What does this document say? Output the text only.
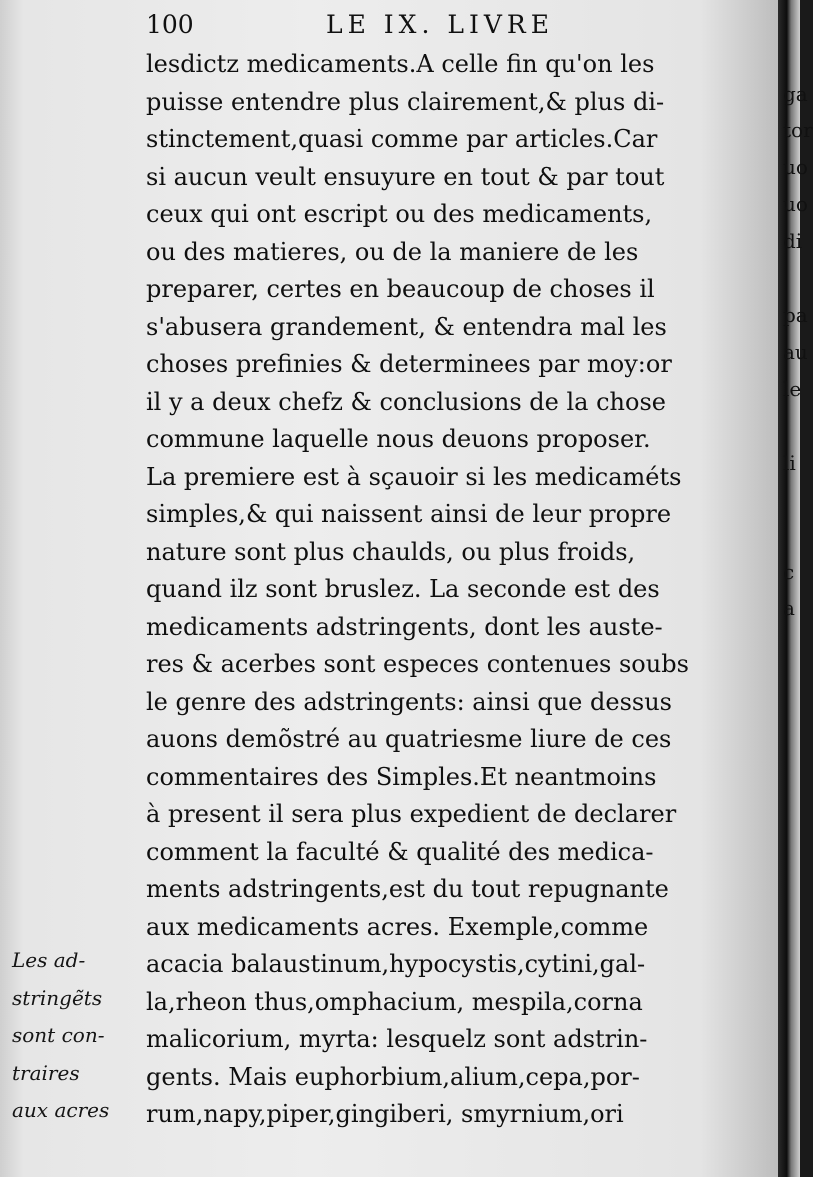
100	LE IX. LIVRE
lesdictz medicaments.A celle fin qu'on les
puisse entendre plus clairement,& plus di-
stinctement,quasi comme par articles.Car
si aucun veult ensuyure en tout & par tout
ceux qui ont escript ou des medicaments,
ou des matieres, ou de la maniere de les
preparer, certes en beaucoup de choses il
s'abusera grandement, & entendra mal les
choses prefinies & determinees par moy:or
il y a deux chefz & conclusions de la chose
commune laquelle nous deuons proposer.
La premiere est à sçauoir si les medicaméts
simples,& qui naissent ainsi de leur propre
nature sont plus chaulds, ou plus froids,
quand ilz sont bruslez. La seconde est des
medicaments adstringents, dont les auste-
res & acerbes sont especes contenues soubs
le genre des adstringents: ainsi que dessus
auons demõstré au quatriesme liure de ces
commentaires des Simples.Et neantmoins
à present il sera plus expedient de declarer
comment la faculté & qualité des medica-
ments adstringents,est du tout repugnante
aux medicaments acres. Exemple,comme
acacia balaustinum,hypocystis,cytini,gal-
la,rheon thus,omphacium, mespila,corna
malicorium, myrta: lesquelz sont adstrin-
gents. Mais euphorbium,alium,cepa,por-
rum,napy,piper,gingiberi, smyrnium,ori
Les ad-
stringẽts
sont con-
traires
aux acres
ga
tor
uo
uo
di
pa
au
le
li
c
a
